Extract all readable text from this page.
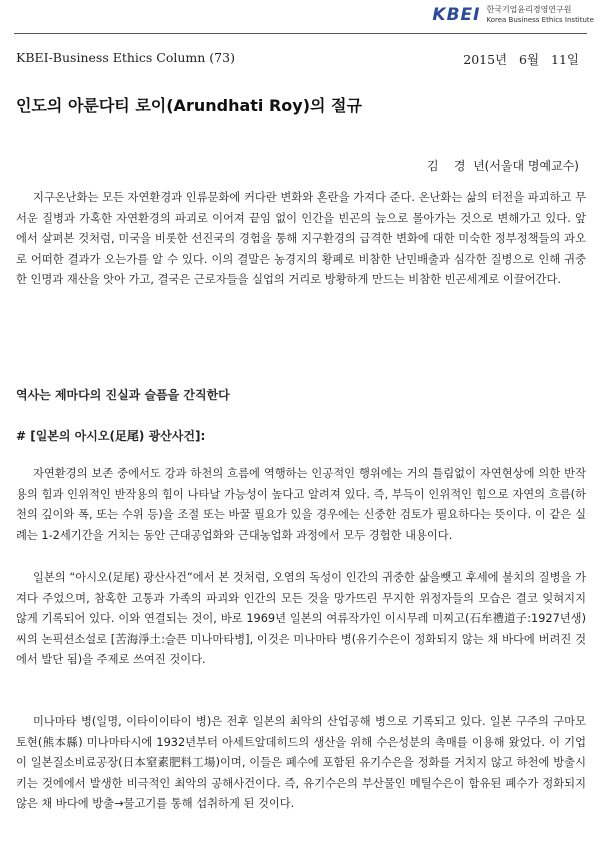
KBEI 한국기업윤리경영연구원
Korea Business Ethics Institute
KBEI-Business Ethics Column (73)	2015년   6월   11일
인도의 아룬다티 로이(Arundhati Roy)의 절규
김    경  년(서울대 명예교수)

지구온난화는 모든 자연환경과 인류문화에 커다란 변화와 혼란을 가져다 준다. 온난화는 삶의 터전을 파괴하고 무서운 질병과 가혹한 자연환경의 파괴로 이어져 끝임 없이 인간을 빈곤의 늪으로 몰아가는 것으로 변해가고 있다. 앞에서 살펴본 것처럼, 미국을 비롯한 선진국의 경험을 통해 지구환경의 급격한 변화에 대한 미숙한 정부정책들의 과오로 어떠한 결과가 오는가를 알 수 있다. 이의 결말은 농경지의 황폐로 비참한 난민배출과 심각한 질병으로 인해 귀중한 인명과 재산을 앗아 가고, 결국은 근로자들을 실업의 거리로 방황하게 만드는 비참한 빈곤세계로 이끌어간다.

역사는 제마다의 진실과 슬픔을 간직한다
# [일본의 아시오(足尾) 광산사건]:

자연환경의 보존 중에서도 강과 하천의 흐름에 역행하는 인공적인 행위에는 거의 틀림없이 자연현상에 의한 반작용의 힘과 인위적인 반작용의 힘이 나타날 가능성이 높다고 알려져 있다. 즉, 부득이 인위적인 힘으로 자연의 흐름(하천의 깊이와 폭, 또는 수위 등)을 조절 또는 바꿀 필요가 있을 경우에는 신중한 검토가 필요하다는 뜻이다. 이 같은 실례는 1-2세기간을 거치는 동안 근대공업화와 근대농업화 과정에서 모두 경험한 내용이다.

일본의 “아시오(足尾) 광산사건”에서 본 것처럼, 오염의 독성이 인간의 귀중한 삶을뺏고 후세에 불치의 질병을 가져다 주었으며, 참혹한 고통과 가족의 파괴와 인간의 모든 것을 망가뜨린 무지한 위정자들의 모습은 결코 잊혀지지 않게 기록되어 있다. 이와 연결되는 것이, 바로 1969년 일본의 여류작가인 이시무레 미찌고(石牟禮道子:1927년생)씨의 논픽션소설로 [苦海淨土:슬픈 미나마타병], 이것은 미나마타 병(유기수은이 정화되지 않는 채 바다에 버려진 것에서 발단 됨)을 주제로 쓰여진 것이다.

미나마타 병(일명, 이타이이타이 병)은 전후 일본의 최악의 산업공해 병으로 기록되고 있다. 일본 구주의 구마모토현(熊本縣) 미나마타시에 1932년부터 아세트알데히드의 생산을 위해 수은성분의 촉매를 이용해 왔었다. 이 기업이 일본질소비료공장(日本窒素肥料工場)이며, 이들은 폐수에 포함된 유기수은을 정화를 거치지 않고 하천에 방출시키는 것에에서 발생한 비극적인 최악의 공해사건이다. 즉, 유기수은의 부산물인 메틸수은이 함유된 폐수가 정화되지 않은 채 바다에 방출→물고기를 통해 섭취하게 된 것이다.
